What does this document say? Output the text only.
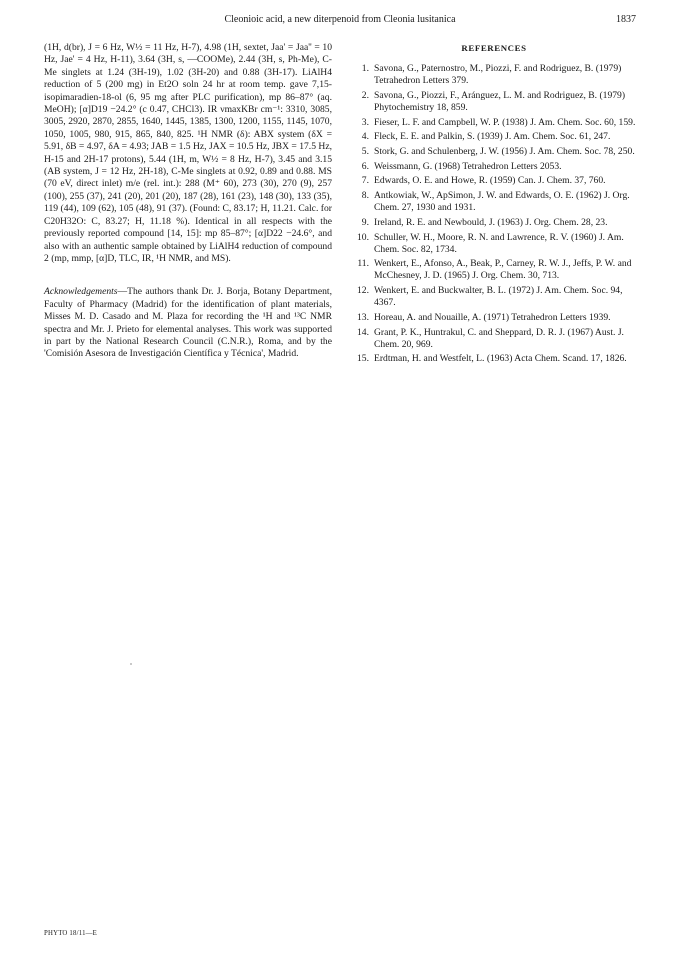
Cleonioic acid, a new diterpenoid from Cleonia lusitanica	1837

(1H, d(br), J = 6 Hz, W½ = 11 Hz, H-7), 4.98 (1H, sextet, Jaa' = Jaa'' = 10 Hz, Jae' = 4 Hz, H-11), 3.64 (3H, s, —COOMe), 2.44 (3H, s, Ph-Me), C-Me singlets at 1.24 (3H-19), 1.02 (3H-20) and 0.88 (3H-17). LiAlH4 reduction of 5 (200 mg) in Et2O soln 24 hr at room temp. gave 7,15-isopimaradien-18-ol (6, 95 mg after PLC purification), mp 86–87° (aq. MeOH); [α]D19 −24.2° (c 0.47, CHCl3). IR νmaxKBr cm⁻¹: 3310, 3085, 3005, 2920, 2870, 2855, 1640, 1445, 1385, 1300, 1200, 1155, 1145, 1070, 1050, 1005, 980, 915, 865, 840, 825. ¹H NMR (δ): ABX system (δX = 5.91, δB = 4.97, δA = 4.93; JAB = 1.5 Hz, JAX = 10.5 Hz, JBX = 17.5 Hz, H-15 and 2H-17 protons), 5.44 (1H, m, W½ = 8 Hz, H-7), 3.45 and 3.15 (AB system, J = 12 Hz, 2H-18), C-Me singlets at 0.92, 0.89 and 0.88. MS (70 eV, direct inlet) m/e (rel. int.): 288 (M⁺ 60), 273 (30), 270 (9), 257 (100), 255 (37), 241 (20), 201 (20), 187 (28), 161 (23), 148 (30), 133 (35), 119 (44), 109 (62), 105 (48), 91 (37). (Found: C, 83.17; H, 11.21. Calc. for C20H32O: C, 83.27; H, 11.18 %). Identical in all respects with the previously reported compound [14, 15]: mp 85–87°; [α]D22 −24.6°, and also with an authentic sample obtained by LiAlH4 reduction of compound 2 (mp, mmp, [α]D, TLC, IR, ¹H NMR, and MS).

Acknowledgements—The authors thank Dr. J. Borja, Botany Department, Faculty of Pharmacy (Madrid) for the identification of plant materials, Misses M. D. Casado and M. Plaza for recording the ¹H and ¹³C NMR spectra and Mr. J. Prieto for elemental analyses. This work was supported in part by the National Research Council (C.N.R.), Roma, and by the 'Comisión Asesora de Investigación Científica y Técnica', Madrid.

REFERENCES
1. Savona, G., Paternostro, M., Piozzi, F. and Rodriguez, B. (1979) Tetrahedron Letters 379.
2. Savona, G., Piozzi, F., Aránguez, L. M. and Rodriguez, B. (1979) Phytochemistry 18, 859.
3. Fieser, L. F. and Campbell, W. P. (1938) J. Am. Chem. Soc. 60, 159.
4. Fleck, E. E. and Palkin, S. (1939) J. Am. Chem. Soc. 61, 247.
5. Stork, G. and Schulenberg, J. W. (1956) J. Am. Chem. Soc. 78, 250.
6. Weissmann, G. (1968) Tetrahedron Letters 2053.
7. Edwards, O. E. and Howe, R. (1959) Can. J. Chem. 37, 760.
8. Antkowiak, W., ApSimon, J. W. and Edwards, O. E. (1962) J. Org. Chem. 27, 1930 and 1931.
9. Ireland, R. E. and Newbould, J. (1963) J. Org. Chem. 28, 23.
10. Schuller, W. H., Moore, R. N. and Lawrence, R. V. (1960) J. Am. Chem. Soc. 82, 1734.
11. Wenkert, E., Afonso, A., Beak, P., Carney, R. W. J., Jeffs, P. W. and McChesney, J. D. (1965) J. Org. Chem. 30, 713.
12. Wenkert, E. and Buckwalter, B. L. (1972) J. Am. Chem. Soc. 94, 4367.
13. Horeau, A. and Nouaille, A. (1971) Tetrahedron Letters 1939.
14. Grant, P. K., Huntrakul, C. and Sheppard, D. R. J. (1967) Aust. J. Chem. 20, 969.
15. Erdtman, H. and Westfelt, L. (1963) Acta Chem. Scand. 17, 1826.
PHYTO 18/11—E
